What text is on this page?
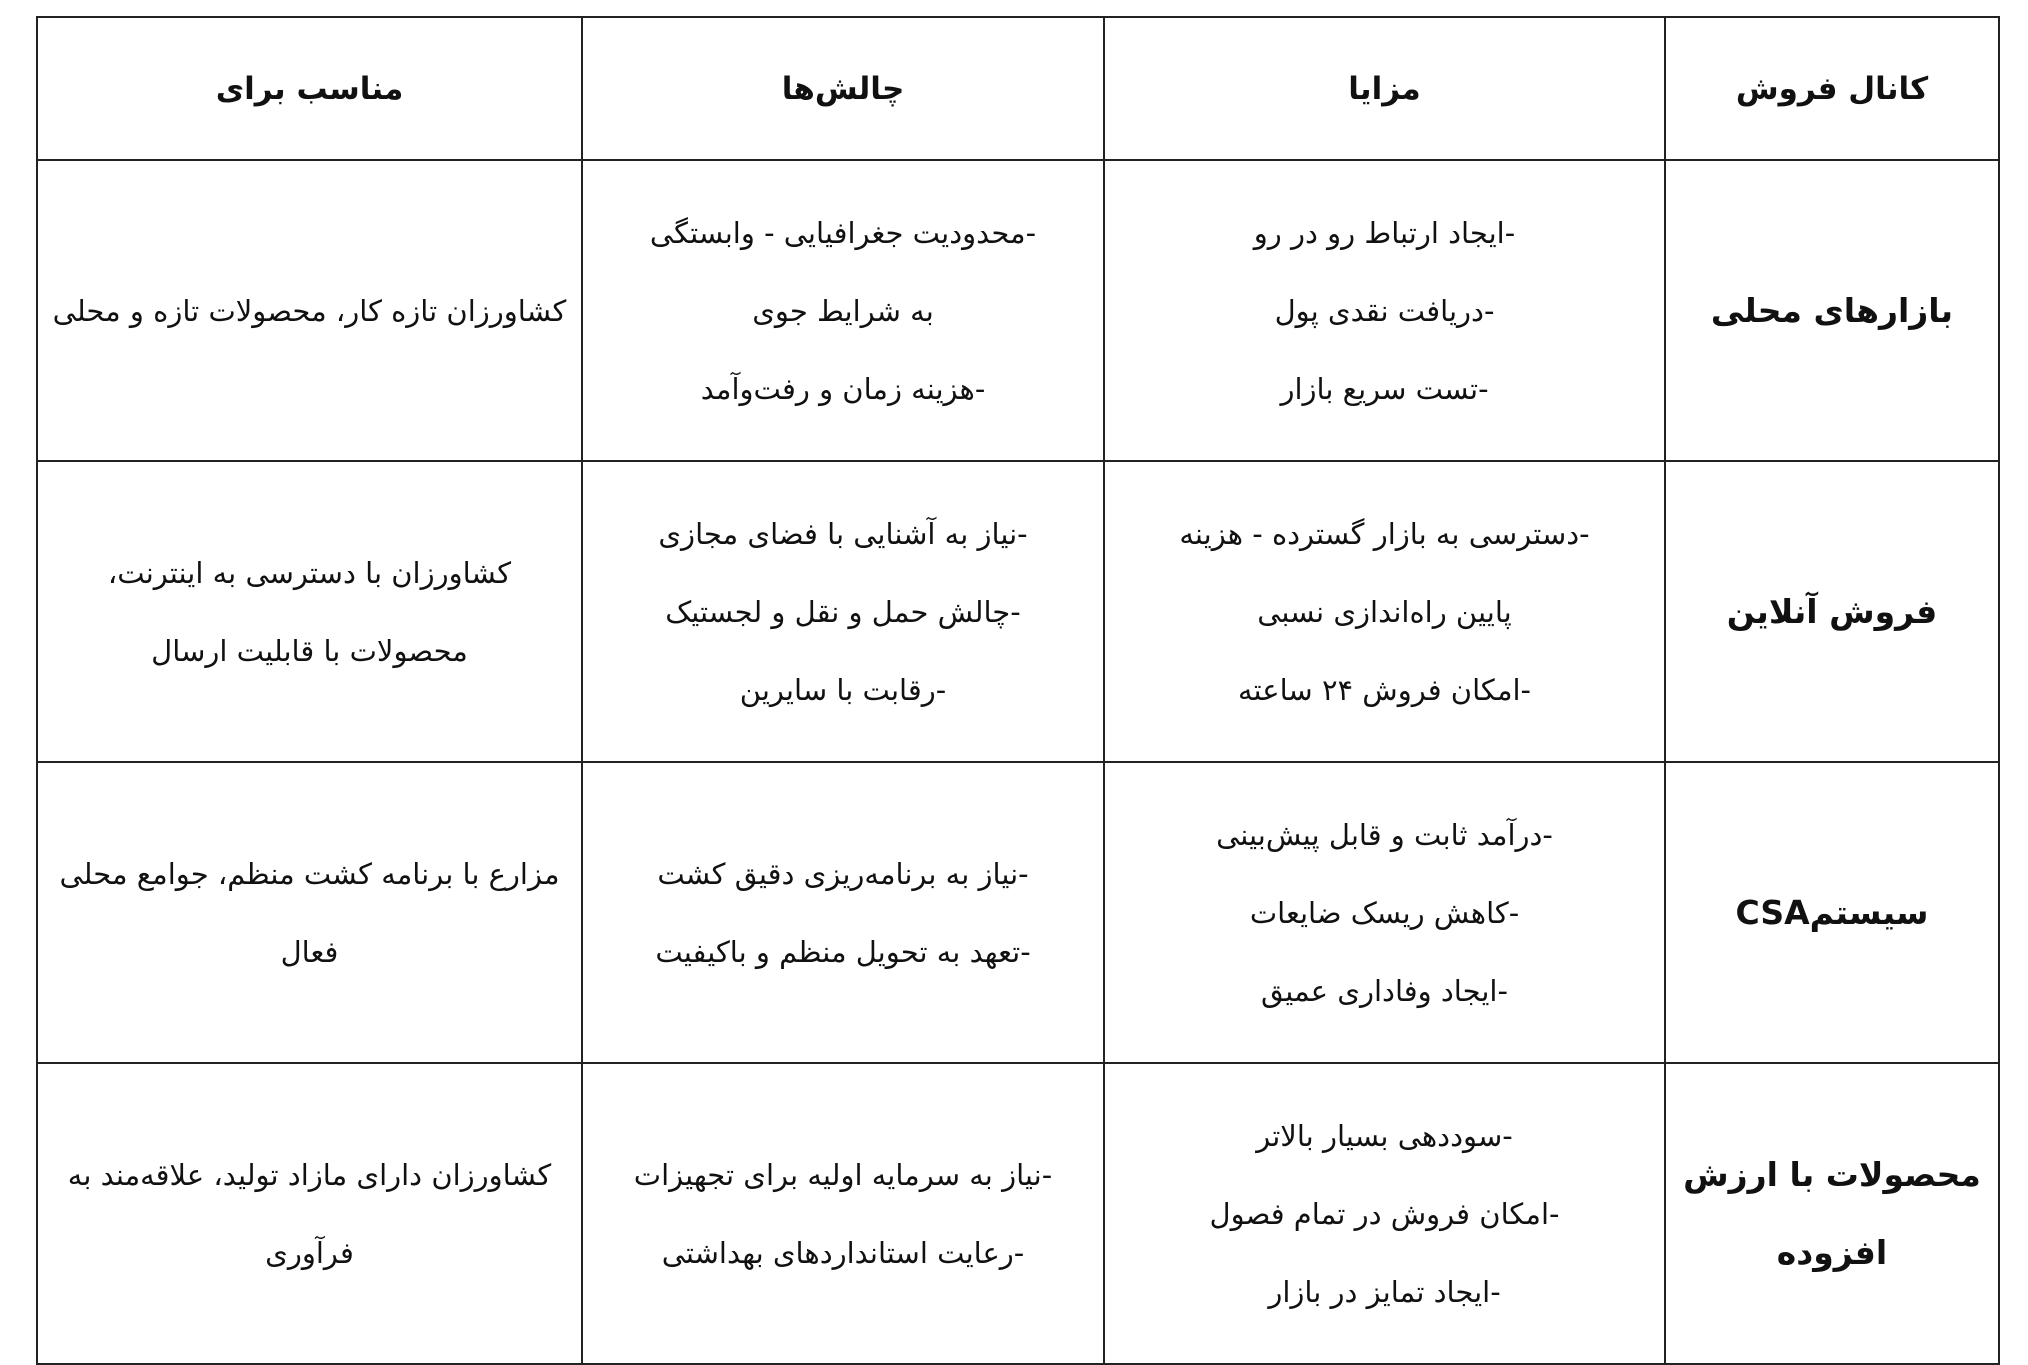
کانال فروش	مزایا	چالش‌ها	مناسب برای
بازارهای محلی	-ایجاد ارتباط رو در رو
-دریافت نقدی پول
-تست سریع بازار	-محدودیت جغرافیایی - وابستگی
به شرایط جوی
-هزینه زمان و رفت‌وآمد	کشاورزان تازه کار، محصولات تازه و محلی

فروش آنلاین	-دسترسی به بازار گسترده - هزینه
پایین راه‌اندازی نسبی
-امکان فروش ۲۴ ساعته	-نیاز به آشنایی با فضای مجازی
-چالش حمل و نقل و لجستیک
-رقابت با سایرین	کشاورزان با دسترسی به اینترنت، محصولات با قابلیت ارسال

سیستمCSA	-درآمد ثابت و قابل پیش‌بینی
-کاهش ریسک ضایعات
-ایجاد وفاداری عمیق	-نیاز به برنامه‌ریزی دقیق کشت
-تعهد به تحویل منظم و باکیفیت	مزارع با برنامه کشت منظم، جوامع محلی فعال

محصولات با ارزش افزوده	-سوددهی بسیار بالاتر
-امکان فروش در تمام فصول
-ایجاد تمایز در بازار	-نیاز به سرمایه اولیه برای تجهیزات
-رعایت استانداردهای بهداشتی	کشاورزان دارای مازاد تولید، علاقه‌مند به فرآوری
